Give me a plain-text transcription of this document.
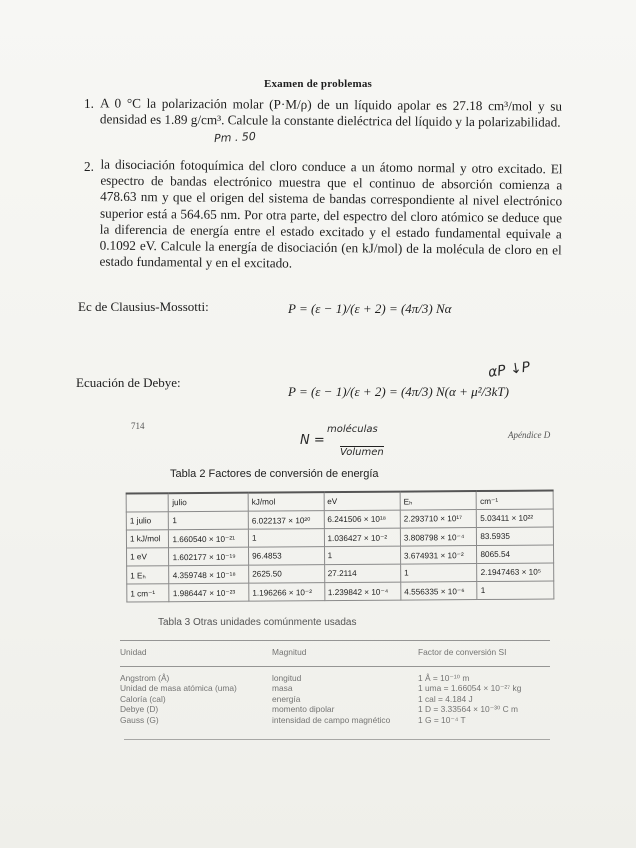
Examen de problemas
1. A 0 °C la polarización molar (P·M/ρ) de un líquido apolar es 27.18 cm³/mol y su densidad es 1.89 g/cm³. Calcule la constante dieléctrica del líquido y la polarizabilidad.
Pm . 50
2. la disociación fotoquímica del cloro conduce a un átomo normal y otro excitado. El espectro de bandas electrónico muestra que el continuo de absorción comienza a 478.63 nm y que el origen del sistema de bandas correspondiente al nivel electrónico superior está a 564.65 nm. Por otra parte, del espectro del cloro atómico se deduce que la diferencia de energía entre el estado excitado y el estado fundamental equivale a 0.1092 eV. Calcule la energía de disociación (en kJ/mol) de la molécula de cloro en el estado fundamental y en el excitado.
Ec de Clausius-Mossotti:	P = (ε − 1)/(ε + 2) = (4π/3) Nα
Ecuación de Debye:
P = (ε − 1)/(ε + 2) = (4π/3) N(α + μ²/3kT)
αP ↓P
714
Apéndice D
N =
moléculas
Volumen
Tabla 2 Factores de conversión de energía
	julio	kJ/mol	eV	Eₕ	cm⁻¹
1 julio	1	6.022137 × 10²⁰	6.241506 × 10¹⁸	2.293710 × 10¹⁷	5.03411 × 10²²
1 kJ/mol	1.660540 × 10⁻²¹	1	1.036427 × 10⁻²	3.808798 × 10⁻⁴	83.5935
1 eV	1.602177 × 10⁻¹⁹	96.4853	1	3.674931 × 10⁻²	8065.54
1 Eₕ	4.359748 × 10⁻¹⁸	2625.50	27.2114	1	2.1947463 × 10⁵
1 cm⁻¹	1.986447 × 10⁻²³	1.196266 × 10⁻²	1.239842 × 10⁻⁴	4.556335 × 10⁻⁶	1
Tabla 3 Otras unidades comúnmente usadas
Unidad	Magnitud	Factor de conversión SI
Angstrom (Å)	longitud	1 Å = 10⁻¹⁰ m
Unidad de masa atómica (uma)	masa	1 uma = 1.66054 × 10⁻²⁷ kg
Caloría (cal)	energía	1 cal = 4.184 J
Debye (D)	momento dipolar	1 D = 3.33564 × 10⁻³⁰ C m
Gauss (G)	intensidad de campo magnético	1 G = 10⁻⁴ T
